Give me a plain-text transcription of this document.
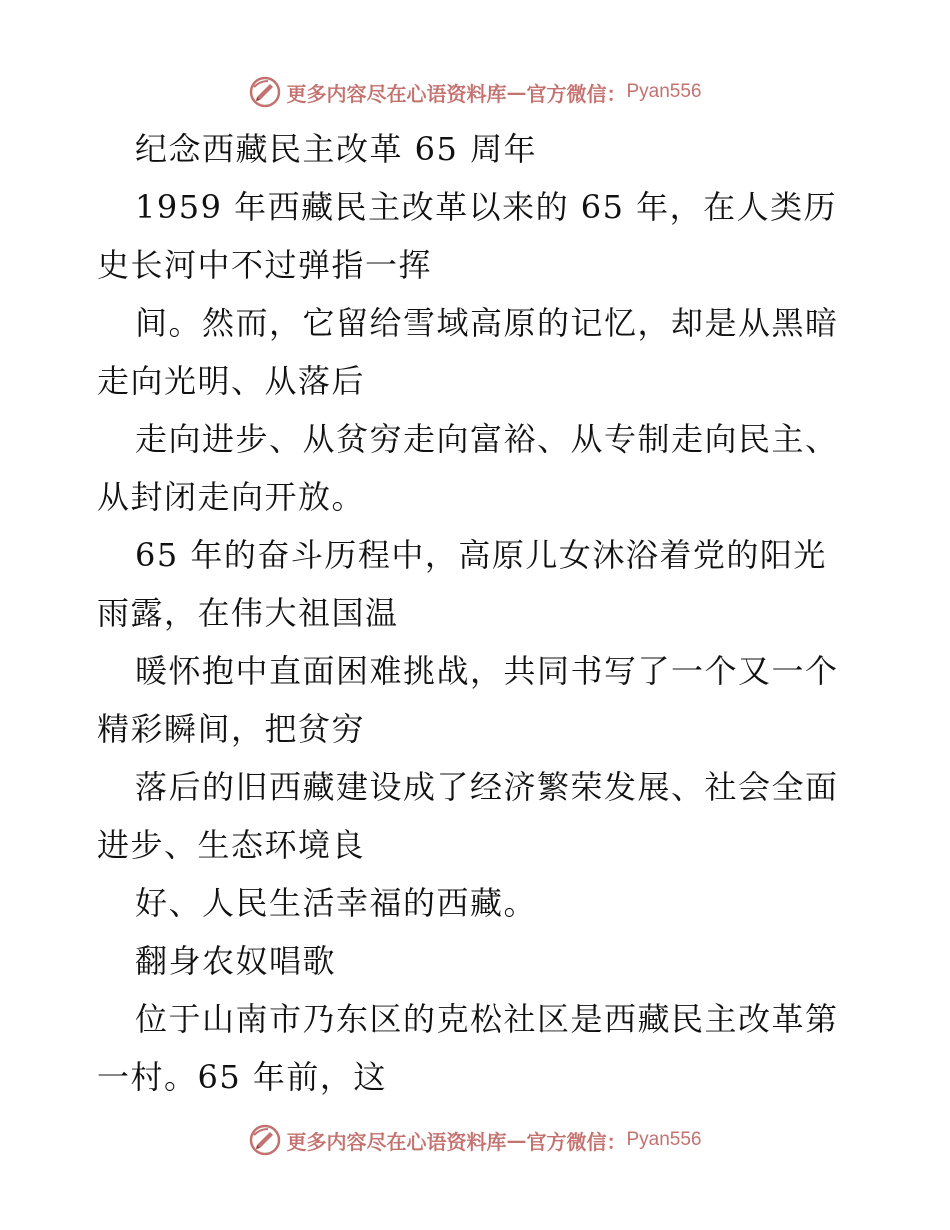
更多内容尽在心语资料库 — 官方微信： Pyan556

纪念西藏民主改革 65 周年

1959 年西藏民主改革以来的 65 年，在人类历史长河中不过弹指一挥

间。然而，它留给雪域高原的记忆，却是从黑暗走向光明、从落后

走向进步、从贫穷走向富裕、从专制走向民主、从封闭走向开放。

65 年的奋斗历程中，高原儿女沐浴着党的阳光雨露，在伟大祖国温

暖怀抱中直面困难挑战，共同书写了一个又一个精彩瞬间，把贫穷

落后的旧西藏建设成了经济繁荣发展、社会全面进步、生态环境良

好、人民生活幸福的西藏。

翻身农奴唱歌

位于山南市乃东区的克松社区是西藏民主改革第一村。65 年前，这

更多内容尽在心语资料库 — 官方微信： Pyan556
